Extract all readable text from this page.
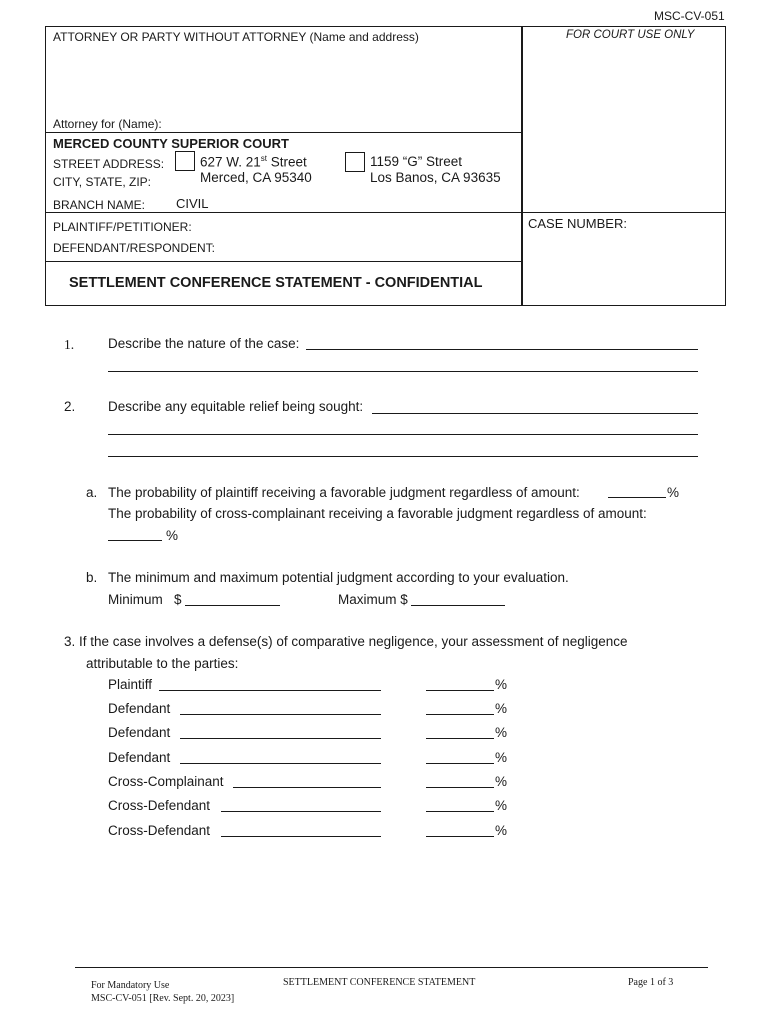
MSC-CV-051
ATTORNEY OR PARTY WITHOUT ATTORNEY (Name and address)	FOR COURT USE ONLY
Attorney for (Name):
MERCED COUNTY SUPERIOR COURT
STREET ADDRESS:
CITY, STATE, ZIP:
627 W. 21st Street
Merced, CA 95340
1159 “G” Street
Los Banos, CA 93635
BRANCH NAME: CIVIL
PLAINTIFF/PETITIONER:
DEFENDANT/RESPONDENT:
CASE NUMBER:
SETTLEMENT CONFERENCE STATEMENT - CONFIDENTIAL
1.	Describe the nature of the case:
2. Describe any equitable relief being sought:
a. The probability of plaintiff receiving a favorable judgment regardless of amount:	%
The probability of cross-complainant receiving a favorable judgment regardless of amount:
%
b. The minimum and maximum potential judgment according to your evaluation.
Minimum   $	Maximum $
3. If the case involves a defense(s) of comparative negligence, your assessment of negligence
attributable to the parties:
Plaintiff	%
Defendant	%
Defendant	%
Defendant	%
Cross-Complainant	%
Cross-Defendant	%
Cross-Defendant	%
For Mandatory Use
MSC-CV-051 [Rev. Sept. 20, 2023]
SETTLEMENT CONFERENCE STATEMENT	Page 1 of 3
